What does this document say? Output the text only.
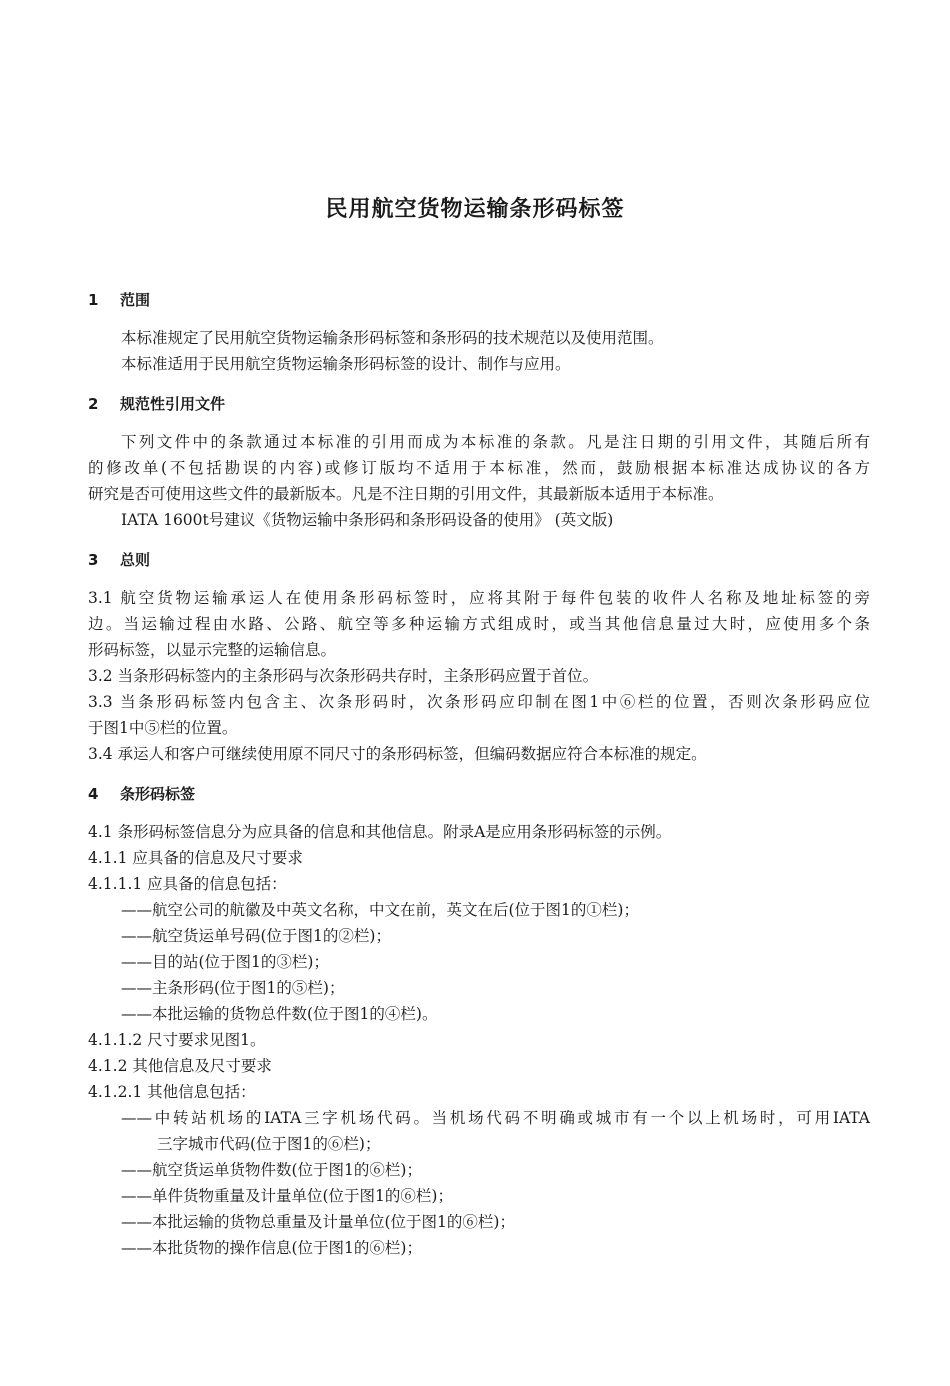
民用航空货物运输条形码标签
1 范围
本标准规定了民用航空货物运输条形码标签和条形码的技术规范以及使用范围。
本标准适用于民用航空货物运输条形码标签的设计、制作与应用。
2 规范性引用文件
下列文件中的条款通过本标准的引用而成为本标准的条款。凡是注日期的引用文件，其随后所有
的修改单(不包括勘误的内容)或修订版均不适用于本标准，然而，鼓励根据本标准达成协议的各方
研究是否可使用这些文件的最新版本。凡是不注日期的引用文件，其最新版本适用于本标准。
IATA 1600t号建议《货物运输中条形码和条形码设备的使用》 (英文版)
3 总则
3.1 航空货物运输承运人在使用条形码标签时，应将其附于每件包装的收件人名称及地址标签的旁
边。当运输过程由水路、公路、航空等多种运输方式组成时，或当其他信息量过大时，应使用多个条
形码标签，以显示完整的运输信息。
3.2 当条形码标签内的主条形码与次条形码共存时，主条形码应置于首位。
3.3 当条形码标签内包含主、次条形码时，次条形码应印制在图1中⑥栏的位置，否则次条形码应位
于图1中⑤栏的位置。
3.4 承运人和客户可继续使用原不同尺寸的条形码标签，但编码数据应符合本标准的规定。
4 条形码标签
4.1 条形码标签信息分为应具备的信息和其他信息。附录A是应用条形码标签的示例。
4.1.1 应具备的信息及尺寸要求
4.1.1.1 应具备的信息包括：
——航空公司的航徽及中英文名称，中文在前，英文在后(位于图1的①栏)；
——航空货运单号码(位于图1的②栏)；
——目的站(位于图1的③栏)；
——主条形码(位于图1的⑤栏)；
——本批运输的货物总件数(位于图1的④栏)。
4.1.1.2 尺寸要求见图1。
4.1.2 其他信息及尺寸要求
4.1.2.1 其他信息包括：
——中转站机场的IATA三字机场代码。当机场代码不明确或城市有一个以上机场时，可用IATA
三字城市代码(位于图1的⑥栏)；
——航空货运单货物件数(位于图1的⑥栏)；
——单件货物重量及计量单位(位于图1的⑥栏)；
——本批运输的货物总重量及计量单位(位于图1的⑥栏)；
——本批货物的操作信息(位于图1的⑥栏)；
